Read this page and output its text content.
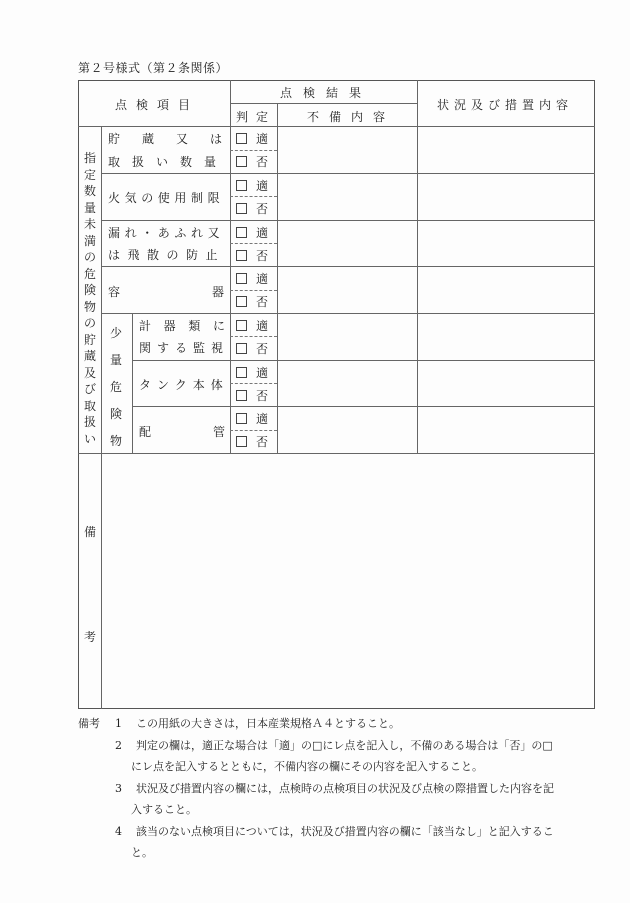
第２号様式（第２条関係）
点検項目
点検結果
判定	不備内容
状況及び措置内容
指定数量未満の危険物の貯蔵及び取扱い
少量危険物
貯蔵又は
取扱い数量
火気の使用制限
漏れ・あふれ又
は飛散の防止
容器
計器類に
関する監視
タンク本体
配管
適
否
適
否
適
否
適
否
適
否
適
否
適
否
備
考
備考 1 この用紙の大きさは，日本産業規格Ａ４とすること。
2 判定の欄は，適正な場合は「適」の□にレ点を記入し，不備のある場合は「否」の□
にレ点を記入するとともに，不備内容の欄にその内容を記入すること。
3 状況及び措置内容の欄には，点検時の点検項目の状況及び点検の際措置した内容を記
入すること。
4 該当のない点検項目については，状況及び措置内容の欄に「該当なし」と記入するこ
と。
